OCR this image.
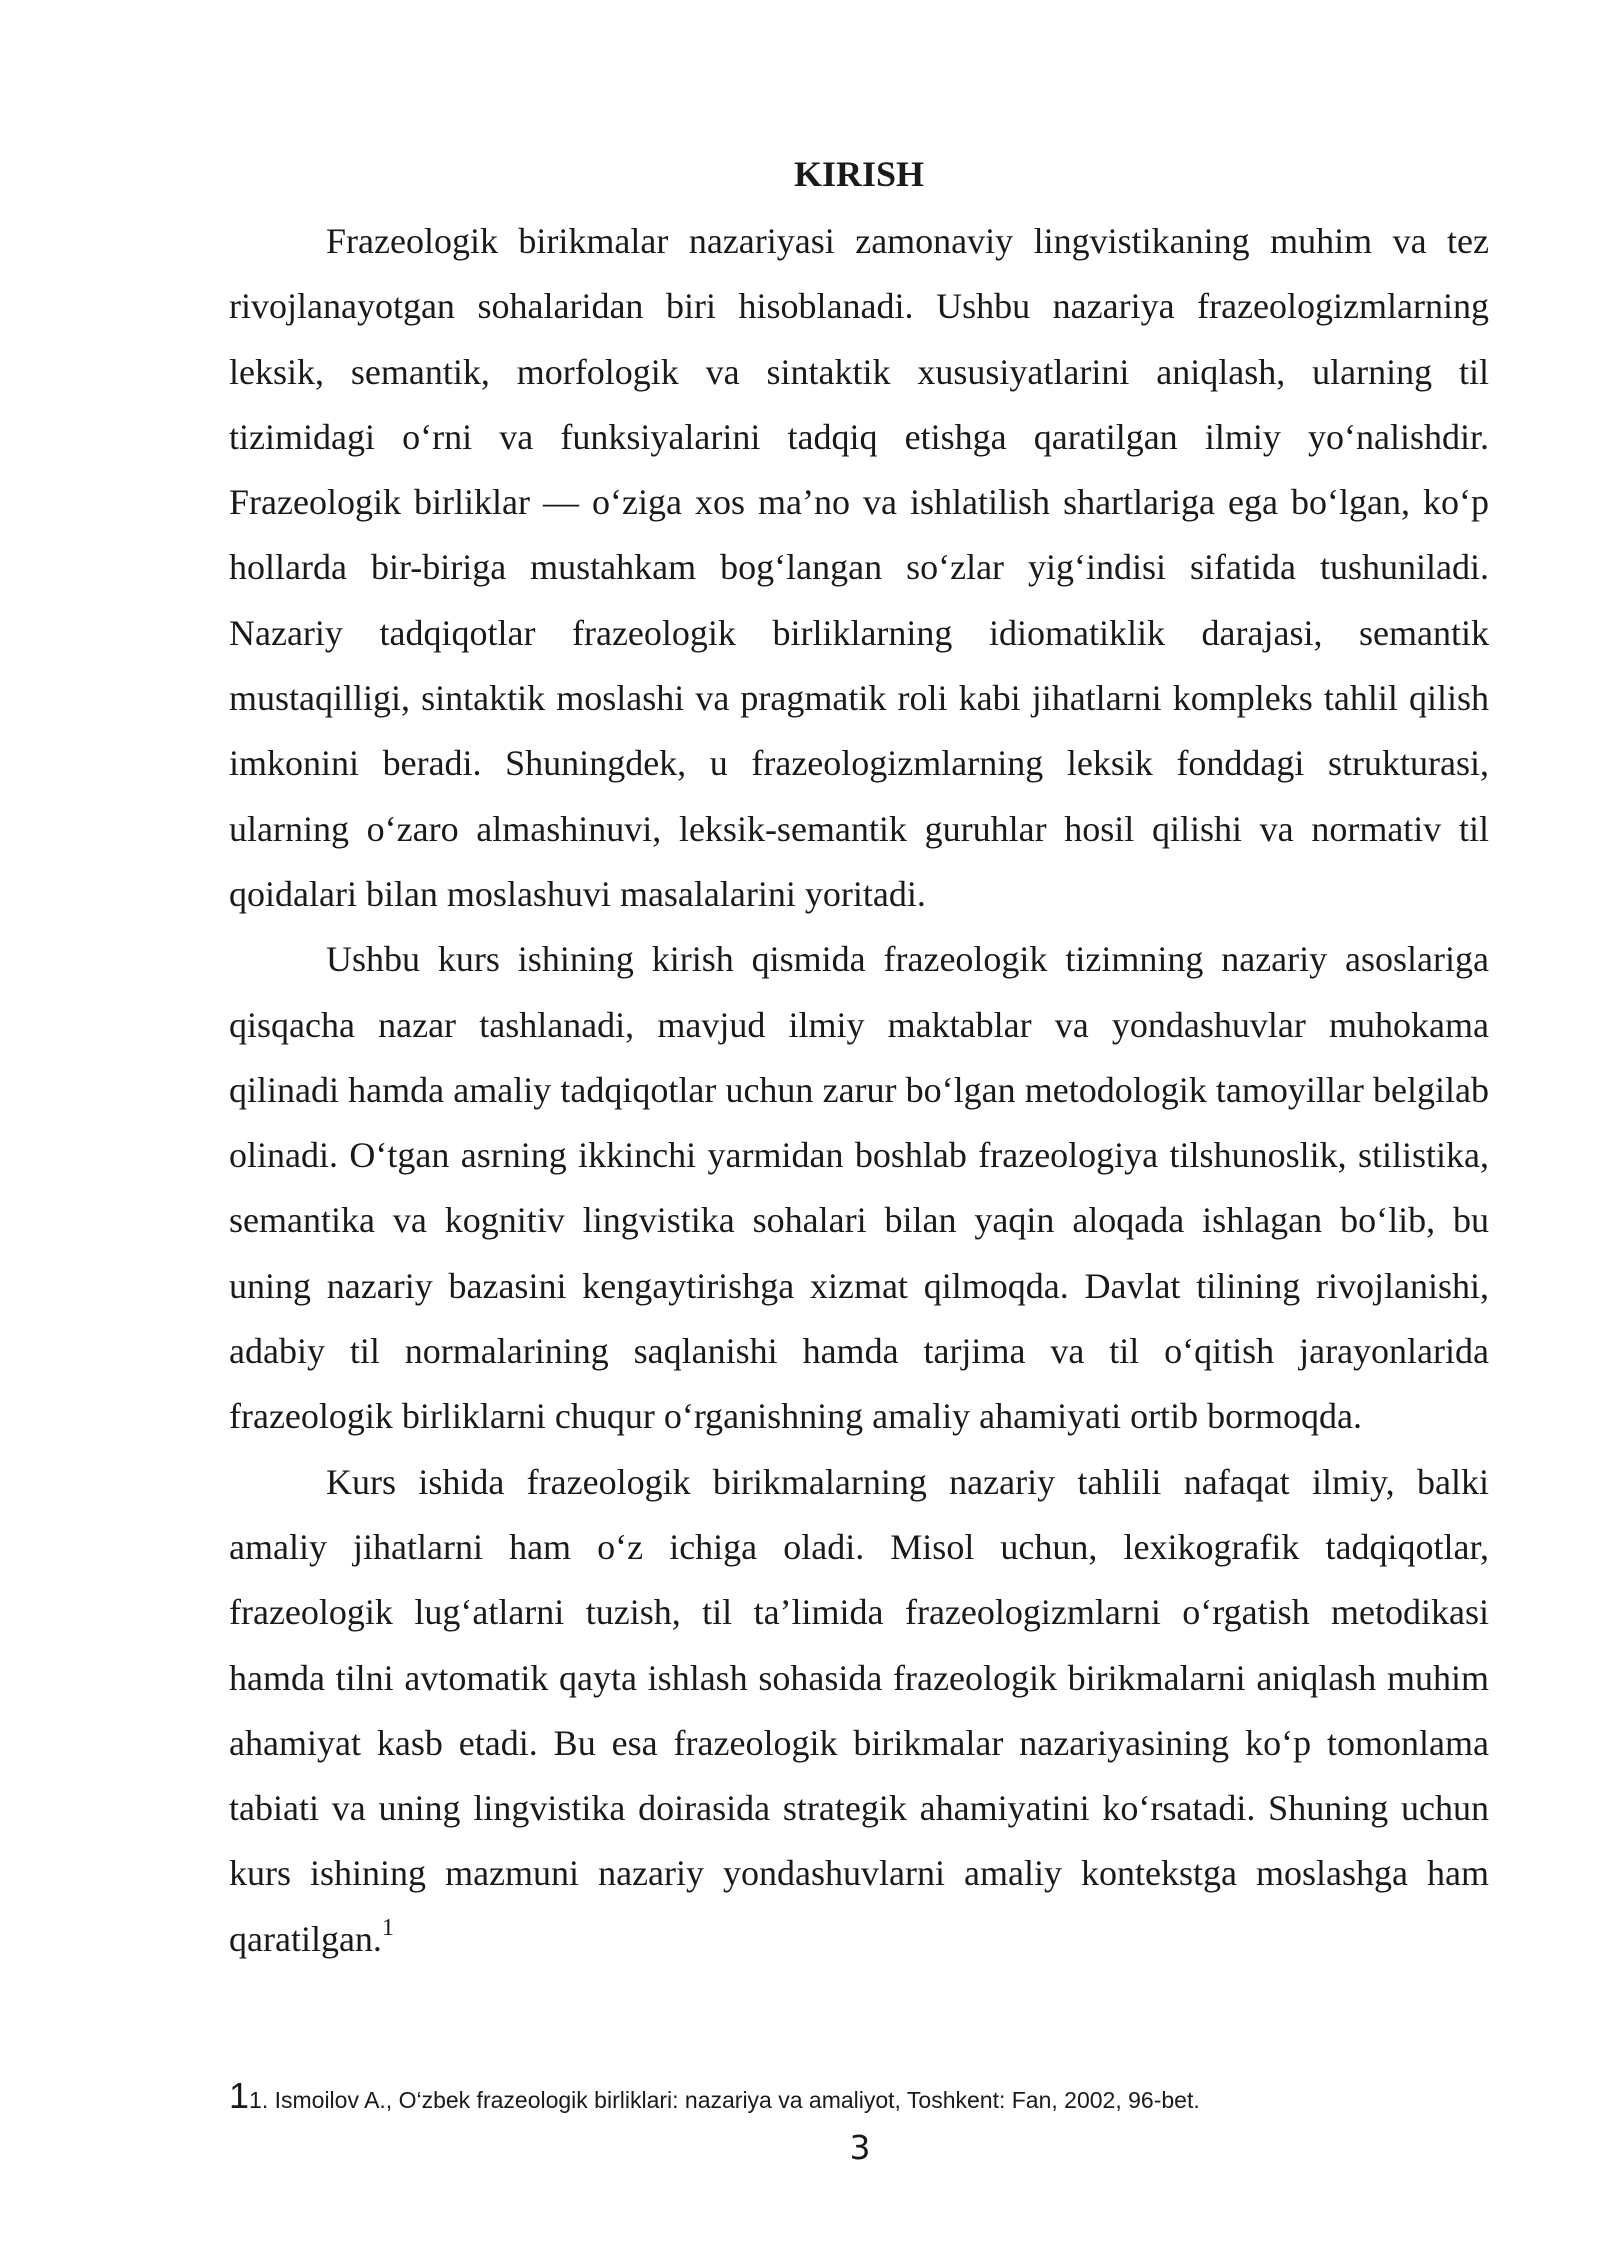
KIRISH

Frazeologik birikmalar nazariyasi zamonaviy lingvistikaning muhim va tez rivojlanayotgan sohalaridan biri hisoblanadi. Ushbu nazariya frazeologizmlarning leksik, semantik, morfologik va sintaktik xususiyatlarini aniqlash, ularning til tizimidagi o‘rni va funksiyalarini tadqiq etishga qaratilgan ilmiy yo‘nalishdir. Frazeologik birliklar — o‘ziga xos ma’no va ishlatilish shartlariga ega bo‘lgan, ko‘p hollarda bir-biriga mustahkam bog‘langan so‘zlar yig‘indisi sifatida tushuniladi. Nazariy tadqiqotlar frazeologik birliklarning idiomatiklik darajasi, semantik mustaqilligi, sintaktik moslashi va pragmatik roli kabi jihatlarni kompleks tahlil qilish imkonini beradi. Shuningdek, u frazeologizmlarning leksik fonddagi strukturasi, ularning o‘zaro almashinuvi, leksik-semantik guruhlar hosil qilishi va normativ til qoidalari bilan moslashuvi masalalarini yoritadi.

Ushbu kurs ishining kirish qismida frazeologik tizimning nazariy asoslariga qisqacha nazar tashlanadi, mavjud ilmiy maktablar va yondashuvlar muhokama qilinadi hamda amaliy tadqiqotlar uchun zarur bo‘lgan metodologik tamoyillar belgilab olinadi. O‘tgan asrning ikkinchi yarmidan boshlab frazeologiya tilshunoslik, stilistika, semantika va kognitiv lingvistika sohalari bilan yaqin aloqada ishlagan bo‘lib, bu uning nazariy bazasini kengaytirishga xizmat qilmoqda. Davlat tilining rivojlanishi, adabiy til normalarining saqlanishi hamda tarjima va til o‘qitish jarayonlarida frazeologik birliklarni chuqur o‘rganishning amaliy ahamiyati ortib bormoqda.

Kurs ishida frazeologik birikmalarning nazariy tahlili nafaqat ilmiy, balki amaliy jihatlarni ham o‘z ichiga oladi. Misol uchun, lexikografik tadqiqotlar, frazeologik lug‘atlarni tuzish, til ta’limida frazeologizmlarni o‘rgatish metodikasi hamda tilni avtomatik qayta ishlash sohasida frazeologik birikmalarni aniqlash muhim ahamiyat kasb etadi. Bu esa frazeologik birikmalar nazariyasining ko‘p tomonlama tabiati va uning lingvistika doirasida strategik ahamiyatini ko‘rsatadi. Shuning uchun kurs ishining mazmuni nazariy yondashuvlarni amaliy kontekstga moslashga ham qaratilgan.$^1$

11. Ismoilov A., O‘zbek frazeologik birliklari: nazariya va amaliyot, Toshkent: Fan, 2002, 96-bet.
3
